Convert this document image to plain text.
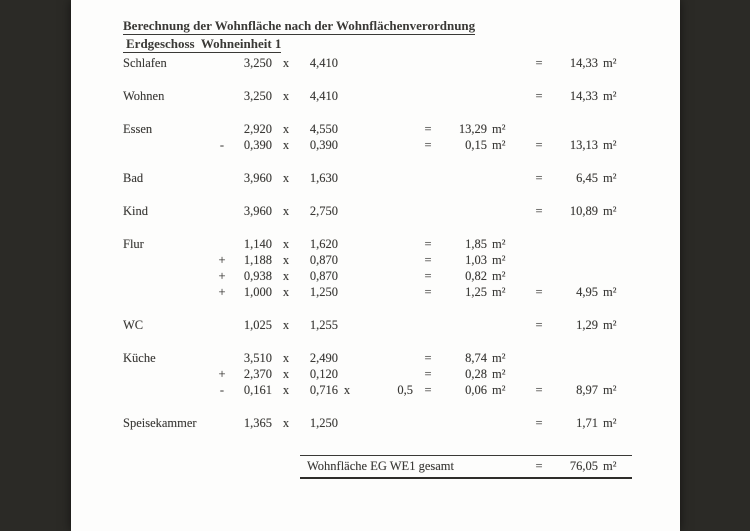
Berechnung der Wohnfläche nach der Wohnflächenverordnung
Erdgeschoss  Wohneinheit 1
Schlafen	3,250 x	4,410	=	14,33 m²
Wohnen	3,250 x	4,410	=	14,33 m²
Essen	2,920 x	4,550	=	13,29 m²
-	0,390 x	0,390	=	0,15 m²	=	13,13 m²
Bad	3,960 x	1,630	=	6,45 m²
Kind	3,960 x	2,750	=	10,89 m²
Flur	1,140 x	1,620	=	1,85 m²
+	1,188 x	0,870	=	1,03 m²
+	0,938 x	0,870	=	0,82 m²
+	1,000 x	1,250	=	1,25 m²	=	4,95 m²
WC	1,025 x	1,255	=	1,29 m²
Küche	3,510 x	2,490	=	8,74 m²
+	2,370 x	0,120	=	0,28 m²
-	0,161 x	0,716 x	0,5 =	0,06 m²	=	8,97 m²
Speisekammer	1,365 x	1,250	=	1,71 m²
Wohnfläche EG WE1 gesamt	=	76,05 m²
